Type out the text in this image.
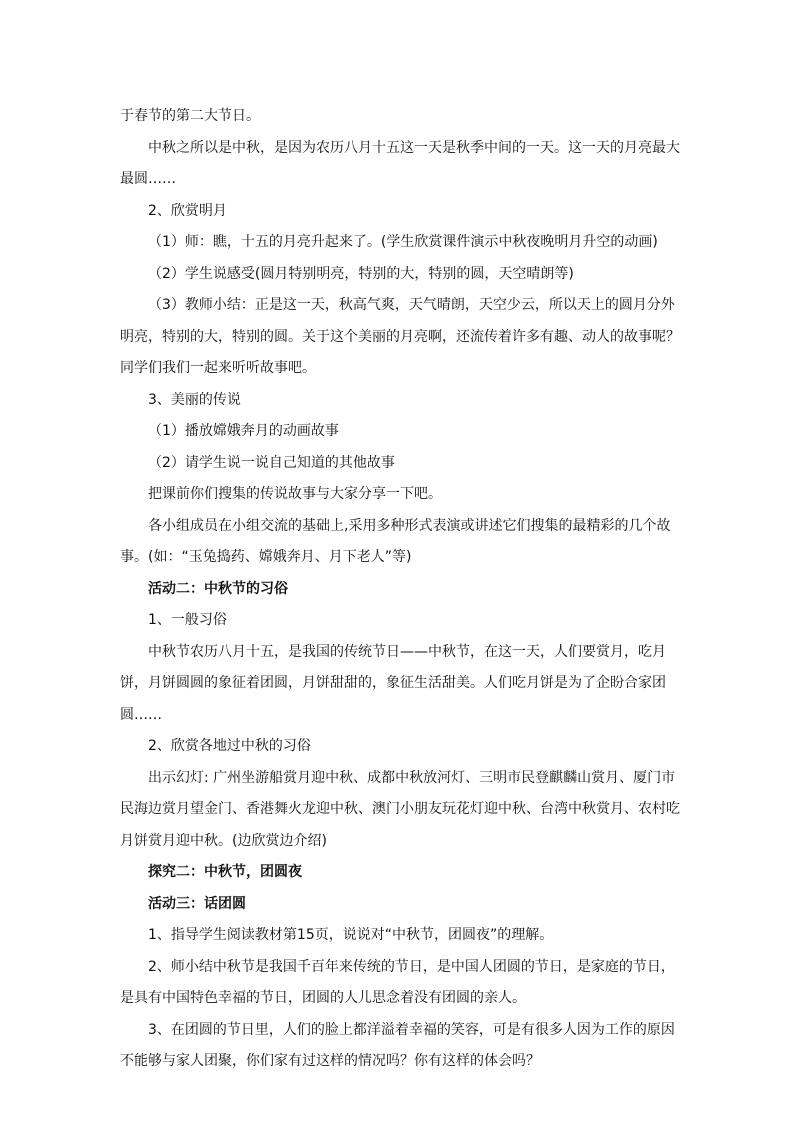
于春节的第二大节日。

中秋之所以是中秋，是因为农历八月十五这一天是秋季中间的一天。这一天的月亮最大最圆……

2、欣赏明月

（1）师：瞧，十五的月亮升起来了。(学生欣赏课件演示中秋夜晚明月升空的动画)

（2）学生说感受(圆月特别明亮，特别的大，特别的圆，天空晴朗等)

（3）教师小结：正是这一天，秋高气爽，天气晴朗，天空少云，所以天上的圆月分外明亮，特别的大，特别的圆。关于这个美丽的月亮啊，还流传着许多有趣、动人的故事呢？同学们我们一起来听听故事吧。

3、美丽的传说

（1）播放嫦娥奔月的动画故事

（2）请学生说一说自己知道的其他故事

把课前你们搜集的传说故事与大家分享一下吧。

各小组成员在小组交流的基础上,采用多种形式表演或讲述它们搜集的最精彩的几个故事。(如：“玉兔捣药、嫦娥奔月、月下老人”等)

活动二：中秋节的习俗

1、一般习俗

中秋节农历八月十五，是我国的传统节日——中秋节，在这一天，人们要赏月，吃月饼，月饼圆圆的象征着团圆，月饼甜甜的，象征生活甜美。人们吃月饼是为了企盼合家团圆……

2、欣赏各地过中秋的习俗

出示幻灯: 广州坐游船赏月迎中秋、成都中秋放河灯、三明市民登麒麟山赏月、厦门市民海边赏月望金门、香港舞火龙迎中秋、澳门小朋友玩花灯迎中秋、台湾中秋赏月、农村吃月饼赏月迎中秋。(边欣赏边介绍)

探究二：中秋节，团圆夜

活动三：话团圆

1、指导学生阅读教材第15页，说说对“中秋节，团圆夜”的理解。

2、师小结中秋节是我国千百年来传统的节日，是中国人团圆的节日，是家庭的节日，是具有中国特色幸福的节日，团圆的人儿思念着没有团圆的亲人。

3、在团圆的节日里，人们的脸上都洋溢着幸福的笑容，可是有很多人因为工作的原因不能够与家人团聚，你们家有过这样的情况吗？你有这样的体会吗？
